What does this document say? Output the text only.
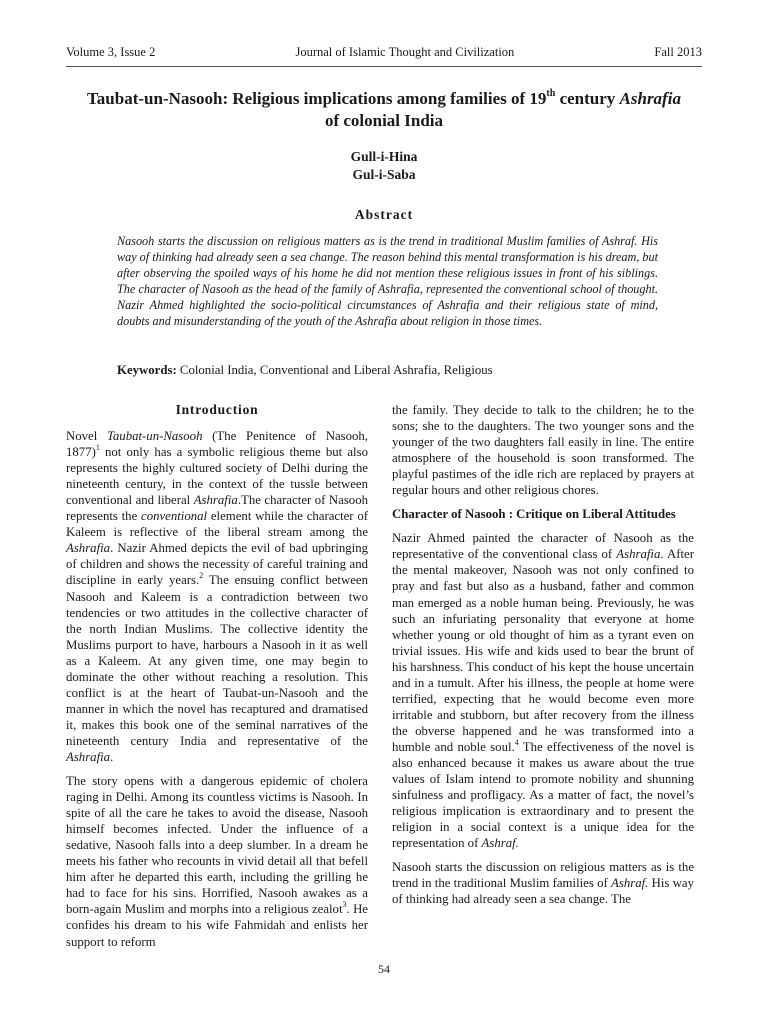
Volume 3, Issue 2	Journal of Islamic Thought and Civilization	Fall 2013
Taubat-un-Nasooh: Religious implications among families of 19th century Ashrafia
of colonial India
Gull-i-Hina
Gul-i-Saba
Abstract

Nasooh starts the discussion on religious matters as is the trend in traditional Muslim families of Ashraf. His way of thinking had already seen a sea change. The reason behind this mental transformation is his dream, but after observing the spoiled ways of his home he did not mention these religious issues in front of his siblings. The character of Nasooh as the head of the family of Ashrafia, represented the conventional school of thought. Nazir Ahmed highlighted the socio-political circumstances of Ashrafia and their religious state of mind, doubts and misunderstanding of the youth of the Ashrafia about religion in those times.

Keywords: Colonial India, Conventional and Liberal Ashrafia, Religious

Introduction

Novel Taubat-un-Nasooh (The Penitence of Nasooh, 1877)$^1$ not only has a symbolic religious theme but also represents the highly cultured society of Delhi during the nineteenth century, in the context of the tussle between conventional and liberal Ashrafia.The character of Nasooh represents the conventional element while the character of Kaleem is reflective of the liberal stream among the Ashrafia. Nazir Ahmed depicts the evil of bad upbringing of children and shows the necessity of careful training and discipline in early years.$^2$ The ensuing conflict between Nasooh and Kaleem is a contradiction between two tendencies or two attitudes in the collective character of the north Indian Muslims. The collective identity the Muslims purport to have, harbours a Nasooh in it as well as a Kaleem. At any given time, one may begin to dominate the other without reaching a resolution. This conflict is at the heart of Taubat-un-Nasooh and the manner in which the novel has recaptured and dramatised it, makes this book one of the seminal narratives of the nineteenth century India and representative of the Ashrafia.

The story opens with a dangerous epidemic of cholera raging in Delhi. Among its countless victims is Nasooh. In spite of all the care he takes to avoid the disease, Nasooh himself becomes infected. Under the influence of a sedative, Nasooh falls into a deep slumber. In a dream he meets his father who recounts in vivid detail all that befell him after he departed this earth, including the grilling he had to face for his sins. Horrified, Nasooh awakes as a born-again Muslim and morphs into a religious zealot$^3$. He confides his dream to his wife Fahmidah and enlists her support to reform

the family. They decide to talk to the children; he to the sons; she to the daughters. The two younger sons and the younger of the two daughters fall easily in line. The entire atmosphere of the household is soon transformed. The playful pastimes of the idle rich are replaced by prayers at regular hours and other religious chores.

Character of Nasooh : Critique on Liberal Attitudes

Nazir Ahmed painted the character of Nasooh as the representative of the conventional class of Ashrafia. After the mental makeover, Nasooh was not only confined to pray and fast but also as a husband, father and common man emerged as a noble human being. Previously, he was such an infuriating personality that everyone at home whether young or old thought of him as a tyrant even on trivial issues. His wife and kids used to bear the brunt of his harshness. This conduct of his kept the house uncertain and in a tumult. After his illness, the people at home were terrified, expecting that he would become even more irritable and stubborn, but after recovery from the illness the obverse happened and he was transformed into a humble and noble soul.$^4$ The effectiveness of the novel is also enhanced because it makes us aware about the true values of Islam intend to promote nobility and shunning sinfulness and profligacy. As a matter of fact, the novel’s religious implication is extraordinary and to present the religion in a social context is a unique idea for the representation of Ashraf.

Nasooh starts the discussion on religious matters as is the trend in the traditional Muslim families of Ashraf. His way of thinking had already seen a sea change. The

54
